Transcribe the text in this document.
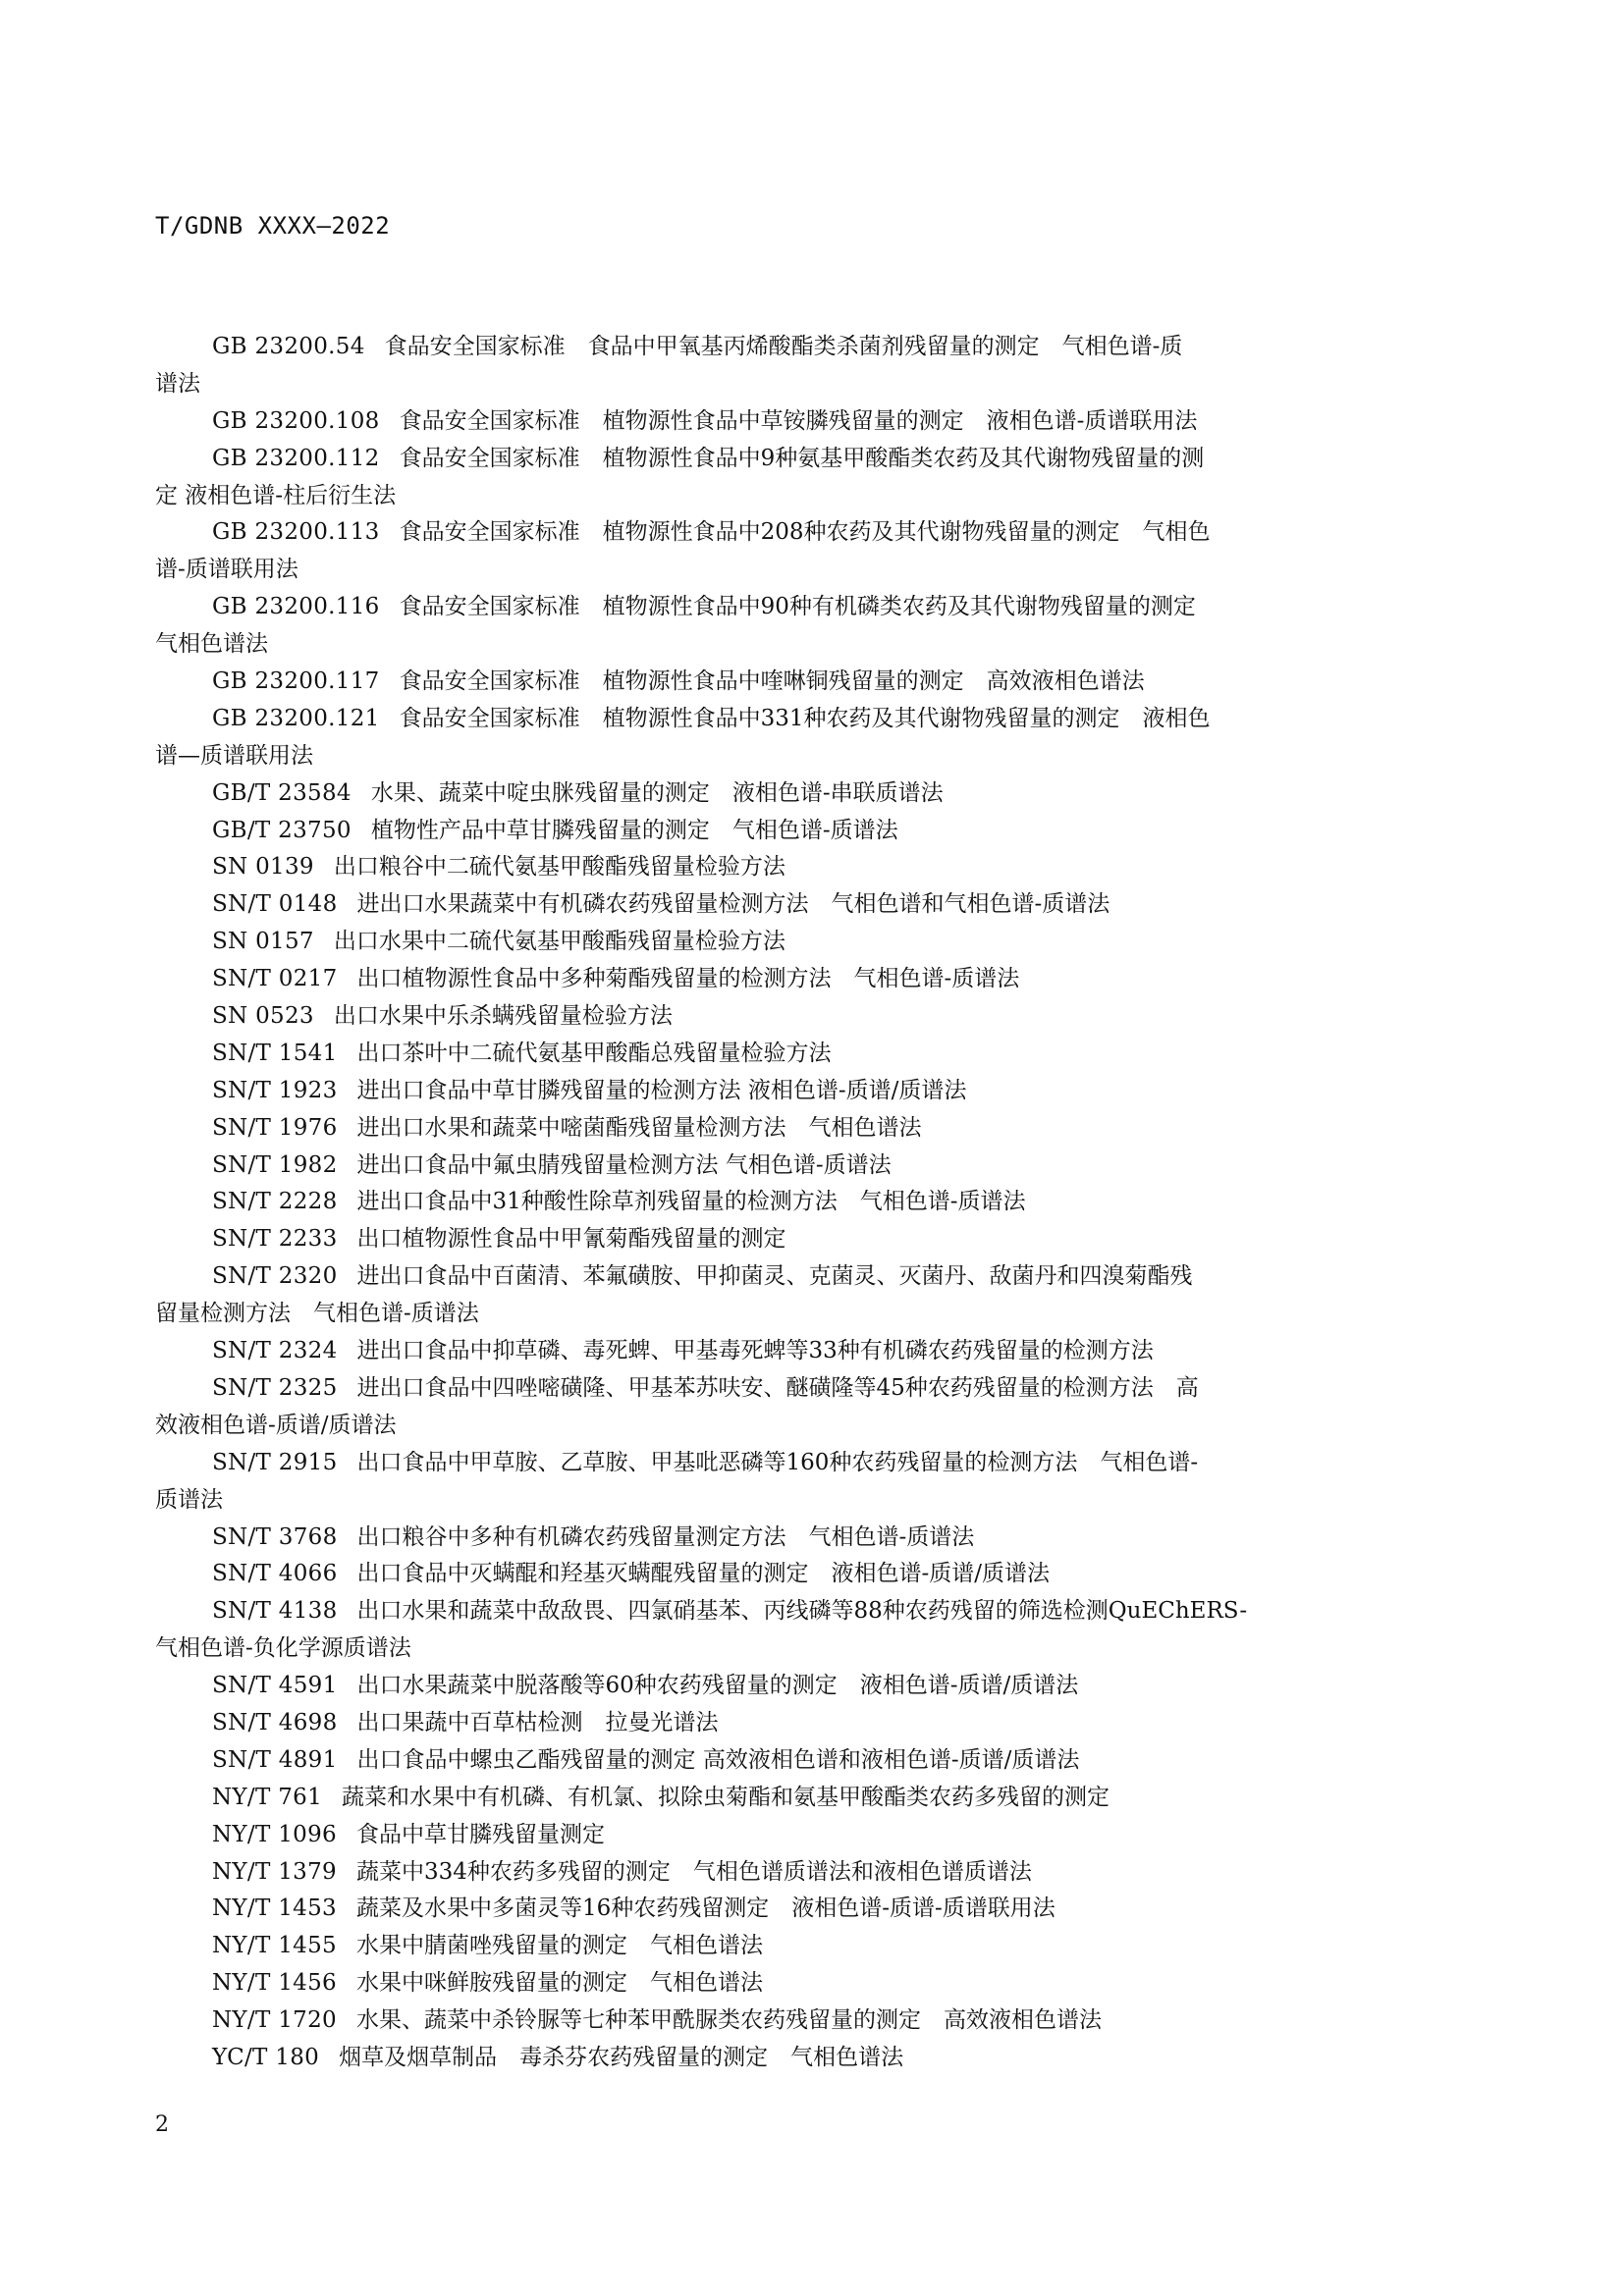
T/GDNB XXXX—2022
GB 23200.54 食品安全国家标准　食品中甲氧基丙烯酸酯类杀菌剂残留量的测定　气相色谱-质
谱法
GB 23200.108 食品安全国家标准　植物源性食品中草铵膦残留量的测定　液相色谱-质谱联用法
GB 23200.112 食品安全国家标准　植物源性食品中9种氨基甲酸酯类农药及其代谢物残留量的测
定 液相色谱-柱后衍生法
GB 23200.113 食品安全国家标准　植物源性食品中208种农药及其代谢物残留量的测定　气相色
谱-质谱联用法
GB 23200.116 食品安全国家标准　植物源性食品中90种有机磷类农药及其代谢物残留量的测定
气相色谱法
GB 23200.117 食品安全国家标准　植物源性食品中喹啉铜残留量的测定　高效液相色谱法
GB 23200.121 食品安全国家标准　植物源性食品中331种农药及其代谢物残留量的测定　液相色
谱—质谱联用法
GB/T 23584 水果、蔬菜中啶虫脒残留量的测定　液相色谱-串联质谱法
GB/T 23750 植物性产品中草甘膦残留量的测定　气相色谱-质谱法
SN 0139 出口粮谷中二硫代氨基甲酸酯残留量检验方法
SN/T 0148 进出口水果蔬菜中有机磷农药残留量检测方法　气相色谱和气相色谱-质谱法
SN 0157 出口水果中二硫代氨基甲酸酯残留量检验方法
SN/T 0217 出口植物源性食品中多种菊酯残留量的检测方法　气相色谱-质谱法
SN 0523 出口水果中乐杀螨残留量检验方法
SN/T 1541 出口茶叶中二硫代氨基甲酸酯总残留量检验方法
SN/T 1923 进出口食品中草甘膦残留量的检测方法 液相色谱-质谱/质谱法
SN/T 1976 进出口水果和蔬菜中嘧菌酯残留量检测方法　气相色谱法
SN/T 1982 进出口食品中氟虫腈残留量检测方法 气相色谱-质谱法
SN/T 2228 进出口食品中31种酸性除草剂残留量的检测方法　气相色谱-质谱法
SN/T 2233 出口植物源性食品中甲氰菊酯残留量的测定
SN/T 2320 进出口食品中百菌清、苯氟磺胺、甲抑菌灵、克菌灵、灭菌丹、敌菌丹和四溴菊酯残
留量检测方法　气相色谱-质谱法
SN/T 2324 进出口食品中抑草磷、毒死蜱、甲基毒死蜱等33种有机磷农药残留量的检测方法
SN/T 2325 进出口食品中四唑嘧磺隆、甲基苯苏呋安、醚磺隆等45种农药残留量的检测方法　高
效液相色谱-质谱/质谱法
SN/T 2915 出口食品中甲草胺、乙草胺、甲基吡恶磷等160种农药残留量的检测方法　气相色谱-
质谱法
SN/T 3768 出口粮谷中多种有机磷农药残留量测定方法　气相色谱-质谱法
SN/T 4066 出口食品中灭螨醌和羟基灭螨醌残留量的测定　液相色谱-质谱/质谱法
SN/T 4138 出口水果和蔬菜中敌敌畏、四氯硝基苯、丙线磷等88种农药残留的筛选检测QuEChERS-
气相色谱-负化学源质谱法
SN/T 4591 出口水果蔬菜中脱落酸等60种农药残留量的测定　液相色谱-质谱/质谱法
SN/T 4698 出口果蔬中百草枯检测　拉曼光谱法
SN/T 4891 出口食品中螺虫乙酯残留量的测定 高效液相色谱和液相色谱-质谱/质谱法
NY/T 761 蔬菜和水果中有机磷、有机氯、拟除虫菊酯和氨基甲酸酯类农药多残留的测定
NY/T 1096 食品中草甘膦残留量测定
NY/T 1379 蔬菜中334种农药多残留的测定　气相色谱质谱法和液相色谱质谱法
NY/T 1453 蔬菜及水果中多菌灵等16种农药残留测定　液相色谱-质谱-质谱联用法
NY/T 1455 水果中腈菌唑残留量的测定　气相色谱法
NY/T 1456 水果中咪鲜胺残留量的测定　气相色谱法
NY/T 1720 水果、蔬菜中杀铃脲等七种苯甲酰脲类农药残留量的测定　高效液相色谱法
YC/T 180 烟草及烟草制品　毒杀芬农药残留量的测定　气相色谱法
2
